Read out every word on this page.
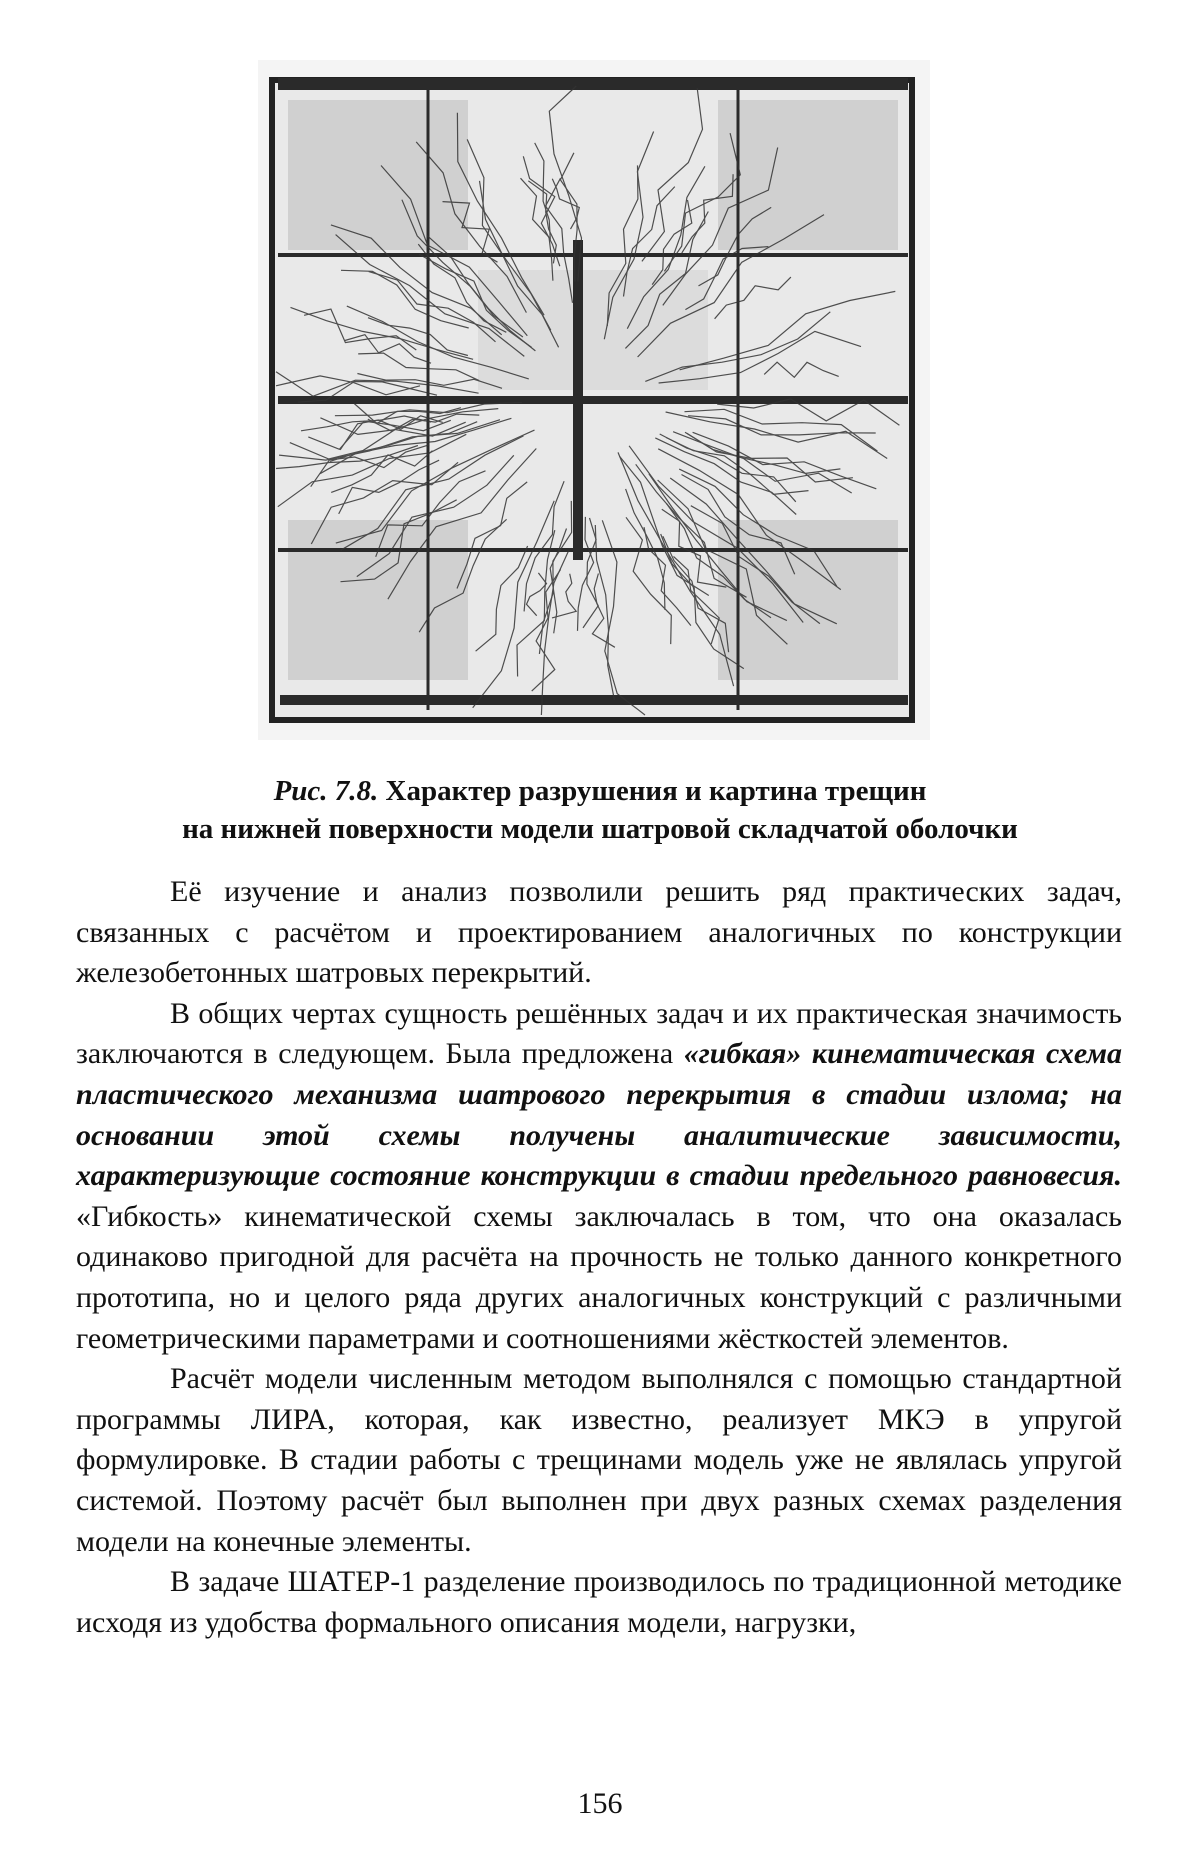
Рис. 7.8. Характер разрушения и картина трещин
на нижней поверхности модели шатровой складчатой оболочки

Её изучение и анализ позволили решить ряд практических задач, связанных с расчётом и проектированием аналогичных по конструкции железобетонных шатровых перекрытий.

В общих чертах сущность решённых задач и их практическая значимость заключаются в следующем. Была предложена «гибкая» кинематическая схема пластического механизма шатрового перекрытия в стадии излома; на основании этой схемы получены аналитические зависимости, характеризующие состояние конструкции в стадии предельного равновесия. «Гибкость» кинематической схемы заключалась в том, что она оказалась одинаково пригодной для расчёта на прочность не только данного конкретного прототипа, но и целого ряда других аналогичных конструкций с различными геометрическими параметрами и соотношениями жёсткостей элементов.

Расчёт модели численным методом выполнялся с помощью стандартной программы ЛИРА, которая, как известно, реализует МКЭ в упругой формулировке. В стадии работы с трещинами модель уже не являлась упругой системой. Поэтому расчёт был выполнен при двух разных схемах разделения модели на конечные элементы.

В задаче ШАТЕР-1 разделение производилось по традиционной методике исходя из удобства формального описания модели, нагрузки,

156
